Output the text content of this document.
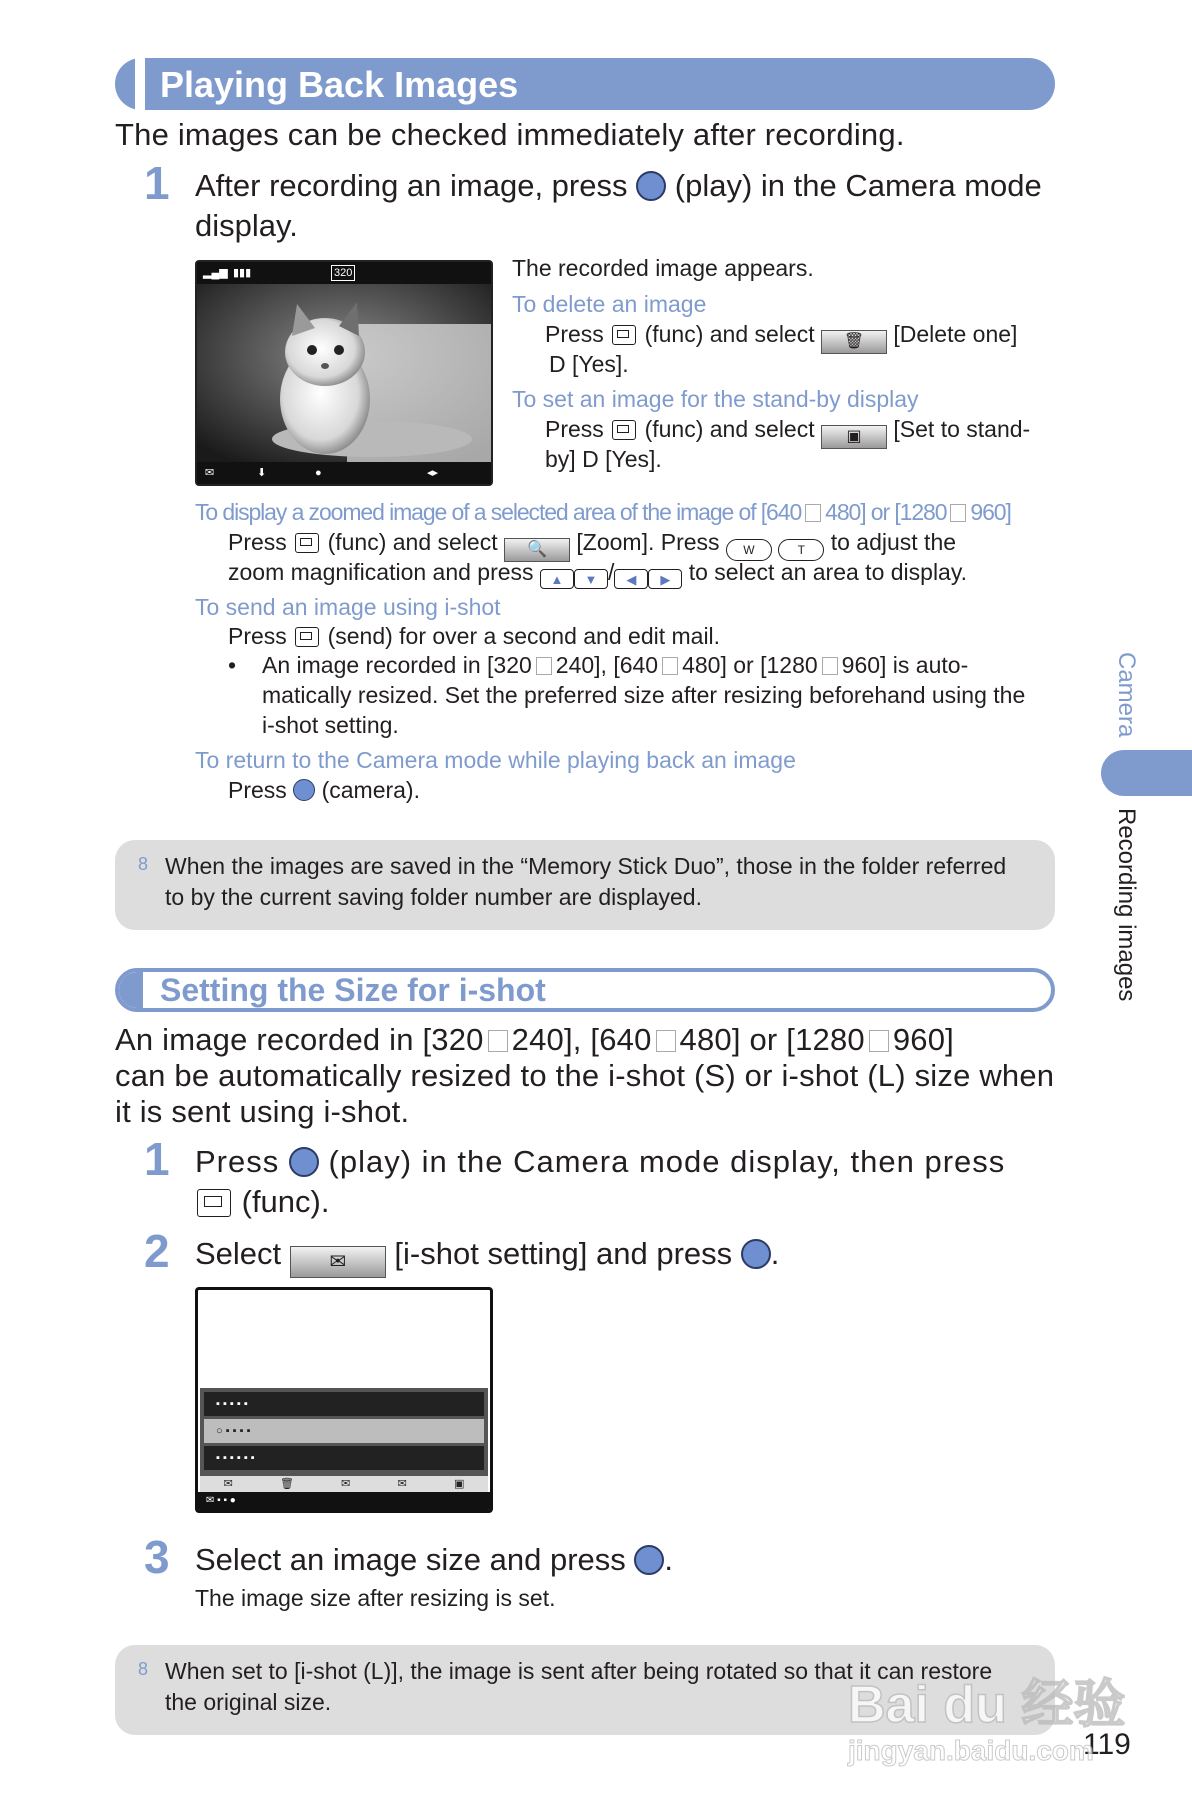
Playing Back Images
The images can be checked immediately after recording.
1 After recording an image, press (play) in the Camera mode
display.
▂▄▆ ▮▮▮	320
✉	⬇	●	◂▸
The recorded image appears.
To delete an image
Press (func) and select 🗑 [Delete one]
D [Yes].
To set an image for the stand-by display
Press (func) and select ▣ [Set to stand-
by] D [Yes].
To display a zoomed image of a selected area of the image of [640 480] or [1280 960]
Press (func) and select 🔍 [Zoom]. Press W	T to adjust the
zoom magnification and press ▲ ▼ / ◀ ▶ to select an area to display.
To send an image using i-shot
Press (send) for over a second and edit mail.
• An image recorded in [320 240], [640 480] or [1280 960] is auto-
matically resized. Set the preferred size after resizing beforehand using the
i-shot setting.
To return to the Camera mode while playing back an image
Press (camera).
8 When the images are saved in the “Memory Stick Duo”, those in the folder referred
to by the current saving folder number are displayed.
Setting the Size for i-shot
An image recorded in [320 240], [640 480] or [1280 960]
can be automatically resized to the i-shot (S) or i-shot (L) size when
it is sent using i-shot.
1 Press (play) in the Camera mode display, then press
(func).
2 Select ✉ [i-shot setting] and press .
▪ ▪ ▪ ▪ ▪
○ ▪ ▪ ▪ ▪
▪ ▪ ▪ ▪ ▪ ▪
✉	🗑	✉	✉	▣
✉ ▪ ▪ ●
3 Select an image size and press .
The image size after resizing is set.
8 When set to [i-shot (L)], the image is sent after being rotated so that it can restore
the original size.
Camera
Recording images
119
Bai du 经验
jingyan.baidu.com
